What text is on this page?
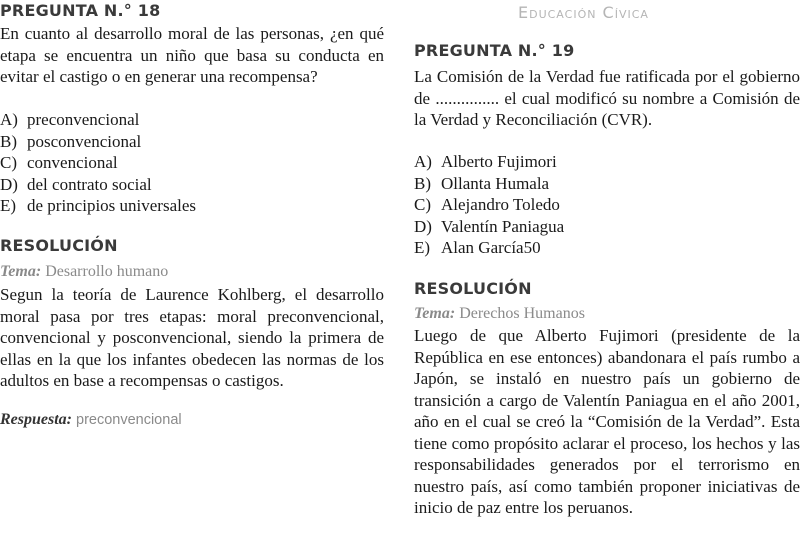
Educación Cívica
PREGUNTA N.° 18

En cuanto al desarrollo moral de las personas, ¿en qué etapa se encuentra un niño que basa su conducta en evitar el castigo o en generar una recompensa?

A) preconvencional
B) posconvencional
C) convencional
D) del contrato social
E) de principios universales
RESOLUCIÓN

Tema: Desarrollo humano

Segun la teoría de Laurence Kohlberg, el desarrollo moral pasa por tres etapas: moral preconvencional, convencional y posconvencional, siendo la primera de ellas en la que los infantes obedecen las normas de los adultos en base a recompensas o castigos.

Respuesta: preconvencional

PREGUNTA N.° 19

La Comisión de la Verdad fue ratificada por el gobierno de ............... el cual modificó su nombre a Comisión de la Verdad y Reconciliación (CVR).

A) Alberto Fujimori
B) Ollanta Humala
C) Alejandro Toledo
D) Valentín Paniagua
E) Alan García50
RESOLUCIÓN

Tema: Derechos Humanos

Luego de que Alberto Fujimori (presidente de la República en ese entonces) abandonara el país rumbo a Japón, se instaló en nuestro país un gobierno de transición a cargo de Valentín Paniagua en el año 2001, año en el cual se creó la “Comisión de la Verdad”. Esta tiene como propósito aclarar el proceso, los hechos y las responsabilidades generados por el terrorismo en nuestro país, así como también proponer iniciativas de inicio de paz entre los peruanos.
